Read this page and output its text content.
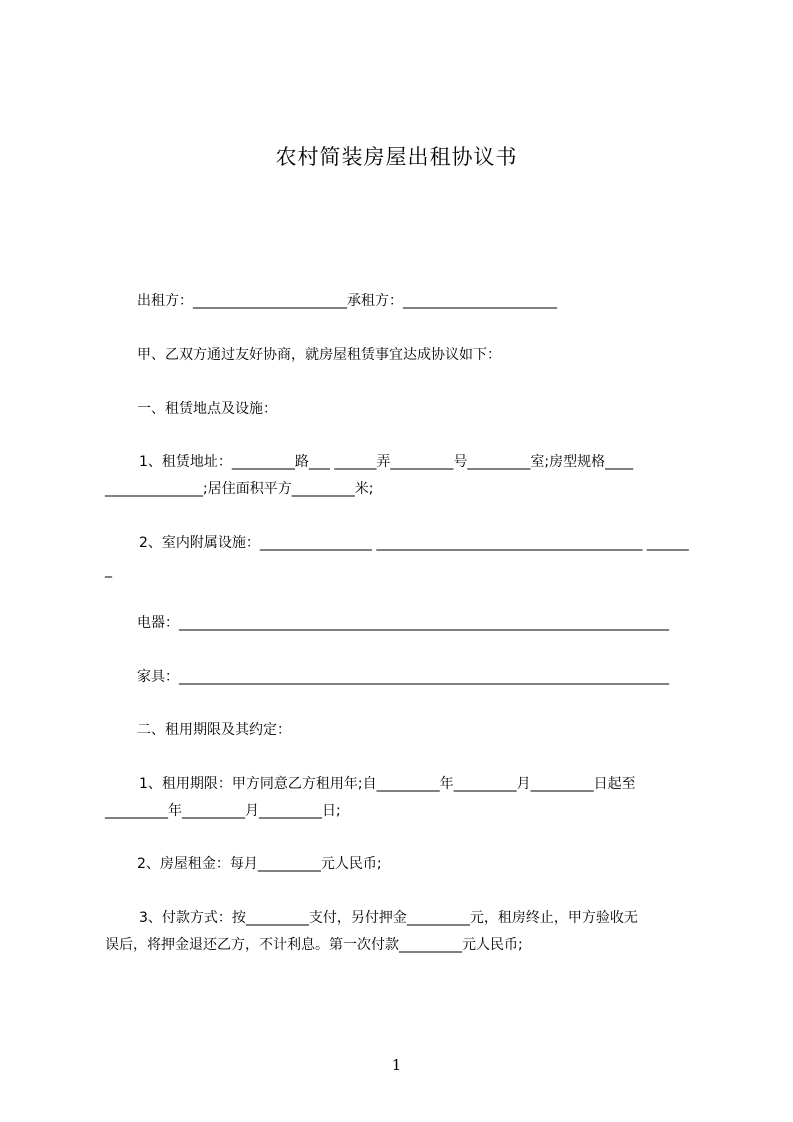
农村简装房屋出租协议书
出租方：______________________承租方：______________________
甲、乙双方通过友好协商，就房屋租赁事宜达成协议如下：
一、租赁地点及设施：
1、租赁地址：_________路___ ______弄_________号_________室;房型规格____
______________;居住面积平方_________米;
2、室内附属设施：________________ ______________________________________ ______
_
电器：______________________________________________________________________
家具：______________________________________________________________________
二、租用期限及其约定：
1、租用期限：甲方同意乙方租用年;自_________年_________月_________日起至
_________年_________月_________日;
2、房屋租金：每月_________元人民币;
3、付款方式：按_________支付，另付押金_________元，租房终止，甲方验收无
误后，将押金退还乙方，不计利息。第一次付款_________元人民币;
1
